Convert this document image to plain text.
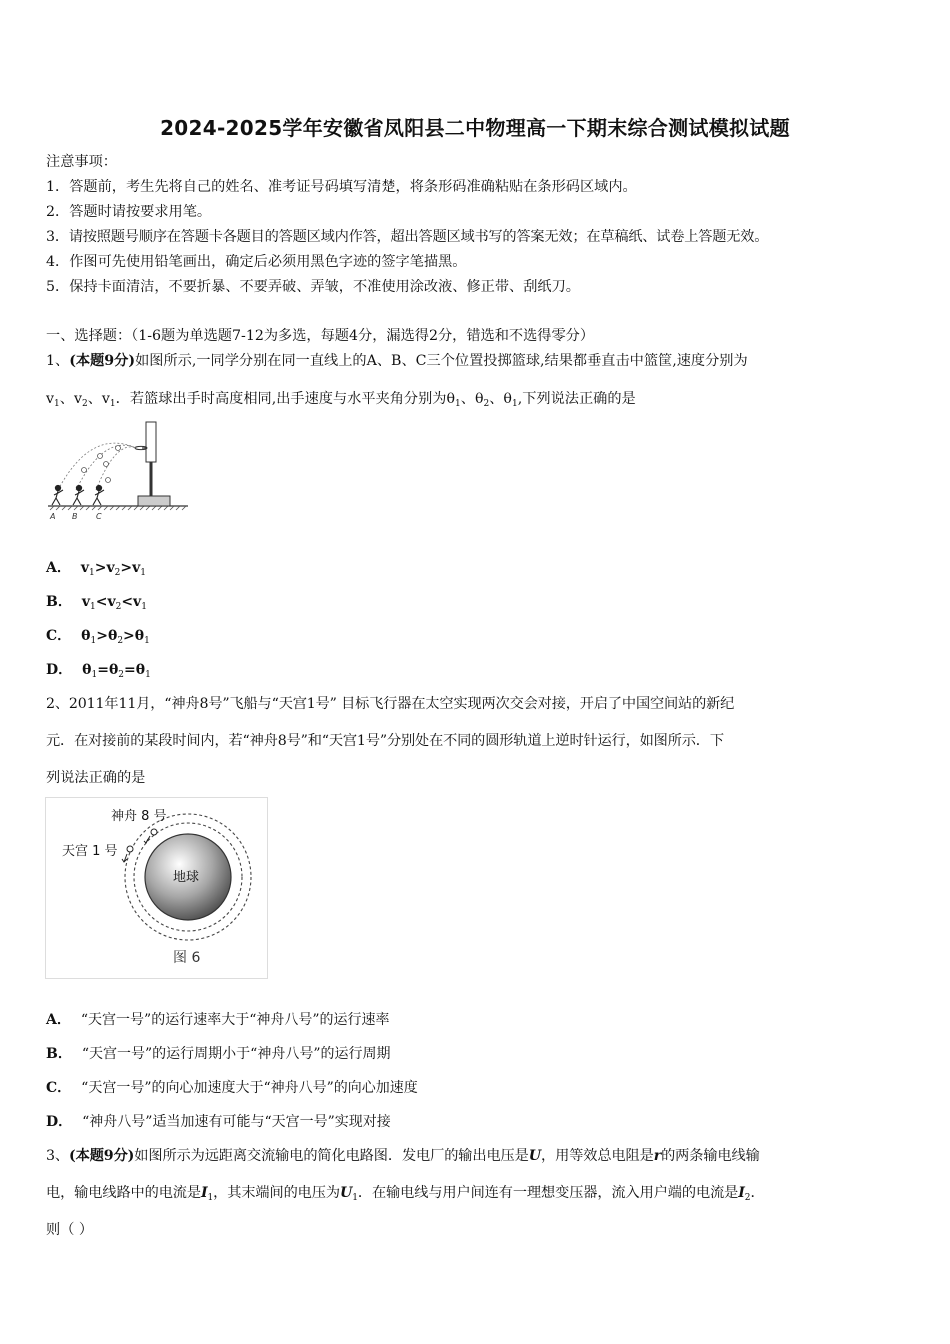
2024-2025学年安徽省凤阳县二中物理高一下期末综合测试模拟试题
注意事项：
1．答题前，考生先将自己的姓名、准考证号码填写清楚，将条形码准确粘贴在条形码区域内。
2．答题时请按要求用笔。
3．请按照题号顺序在答题卡各题目的答题区域内作答，超出答题区域书写的答案无效；在草稿纸、试卷上答题无效。
4．作图可先使用铅笔画出，确定后必须用黑色字迹的签字笔描黑。
5．保持卡面清洁，不要折暴、不要弄破、弄皱，不准使用涂改液、修正带、刮纸刀。
一、选择题：（1-6题为单选题7-12为多选，每题4分，漏选得2分，错选和不选得零分）
1、(本题9分)如图所示,一同学分别在同一直线上的A、B、C三个位置投掷篮球,结果都垂直击中篮筐,速度分别为
$v_1$、$v_2$、$v_1$．若篮球出手时高度相同,出手速度与水平夹角分别为$\theta_1$、$\theta_2$、$\theta_1$,下列说法正确的是
A B C
A． $v_1>v_2>v_1$
B． $v_1<v_2<v_1$
C． $\theta_1>\theta_2>\theta_1$
D． $\theta_1=\theta_2=\theta_1$
2、2011年11月，“神舟8号”飞船与“天宫1号” 目标飞行器在太空实现两次交会对接，开启了中国空间站的新纪
元．在对接前的某段时间内，若“神舟8号”和“天宫1号”分别处在不同的圆形轨道上逆时针运行，如图所示．下
列说法正确的是
地球
神舟 8 号
天宫 1 号
图 6
A． “天宫一号”的运行速率大于“神舟八号”的运行速率
B． “天宫一号”的运行周期小于“神舟八号”的运行周期
C． “天宫一号”的向心加速度大于“神舟八号”的向心加速度
D． “神舟八号”适当加速有可能与“天宫一号”实现对接
3、(本题9分)如图所示为远距离交流输电的简化电路图．发电厂的输出电压是U，用等效总电阻是r的两条输电线输
电，输电线路中的电流是$I_1$，其末端间的电压为$U_1$．在输电线与用户间连有一理想变压器，流入用户端的电流是$I_2$．
则（ ）
